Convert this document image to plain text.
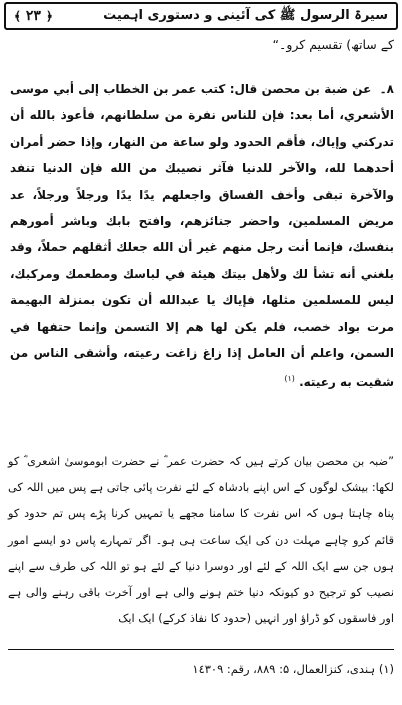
سیرۃ الرسول ﷺ کی آئینی و دستوری اہمیت
﴿ ٢٣ ﴾
کے ساتھ) تقسیم کرو۔“
٨۔ عن ضبة بن محصن قال: كتب عمر بن الخطاب إلى أبي موسى الأشعري، أما بعد: فإن للناس نفرة من سلطانهم، فأعوذ بالله أن تدركني وإياك، فأقم الحدود ولو ساعة من النهار، وإذا حضر أمران أحدهما لله، والآخر للدنيا فآثر نصيبك من الله فإن الدنيا تنفد والآخرة تبقى وأخف الفساق واجعلهم يدًا يدًا ورجلاً ورجلاً، عد مريض المسلمين، واحضر جنائزهم، وافتح بابك وباشر أمورهم بنفسك، فإنما أنت رجل منهم غير أن الله جعلك أثقلهم حملاً، وقد بلغني أنه تشأ لك ولأهل بيتك هيئة في لباسك ومطعمك ومركبك، ليس للمسلمين مثلها، فإياك يا عبدالله أن تكون بمنزلة البهيمة مرت بواد خصب، فلم يكن لها هم إلا التسمن وإنما حتفها في السمن، واعلم أن العامل إذا زاغ زاغت رعيته، وأشقى الناس من شقيت به رعيته. $^{(١)}$
”ضبہ بن محصن بیان کرتے ہیں کہ حضرت عمر ؓ نے حضرت ابوموسیٰ اشعری ؓ کو لکھا: بیشک لوگوں کے اس اپنے بادشاہ کے لئے نفرت پائی جاتی ہے پس میں اللہ کی پناہ چاہتا ہوں کہ اس نفرت کا سامنا مجھے یا تمہیں کرنا پڑے پس تم حدود کو قائم کرو چاہے مہلت دن کی ایک ساعت ہی ہو۔ اگر تمہارے پاس دو ایسے امور ہوں جن سے ایک اللہ کے لئے اور دوسرا دنیا کے لئے ہو تو اللہ کی طرف سے اپنے نصیب کو ترجیح دو کیونکہ دنیا ختم ہونے والی ہے اور آخرت باقی رہنے والی ہے اور فاسقوں کو ڈراؤ اور انہیں (حدود کا نفاذ کرکے) ایک ایک
(١) ہندی، کنزالعمال، ۵: ٨٨٩، رقم: ١٤٣٠٩
